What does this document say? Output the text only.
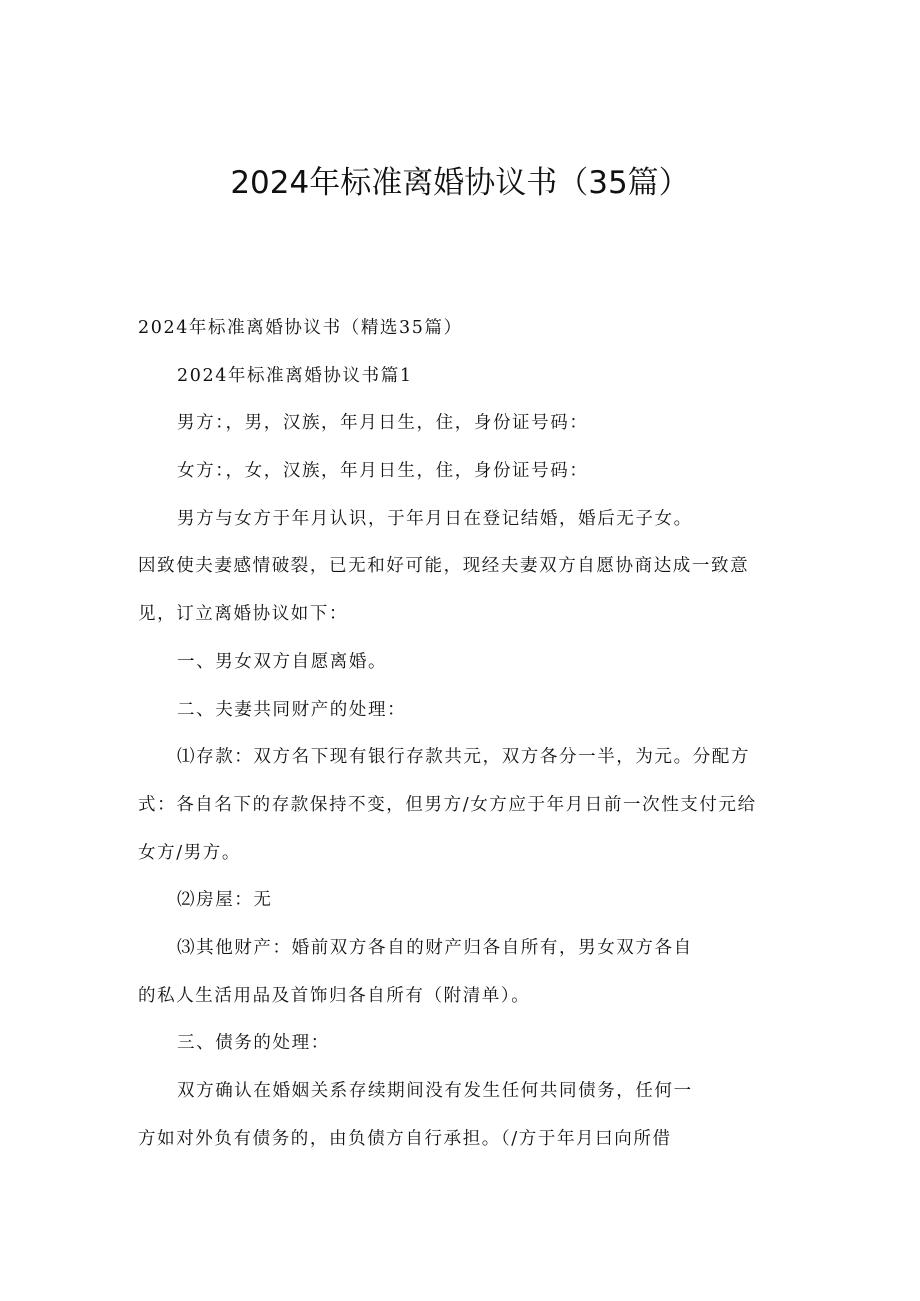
2024年标准离婚协议书（35篇）
2024年标准离婚协议书（精选35篇）
2024年标准离婚协议书篇1
男方：，男，汉族，年月日生，住，身份证号码：
女方：，女，汉族，年月日生，住，身份证号码：
男方与女方于年月认识，于年月日在登记结婚，婚后无子女。
因致使夫妻感情破裂，已无和好可能，现经夫妻双方自愿协商达成一致意
见，订立离婚协议如下：
一、男女双方自愿离婚。
二、夫妻共同财产的处理：
⑴存款：双方名下现有银行存款共元，双方各分一半，为元。分配方
式：各自名下的存款保持不变，但男方/女方应于年月日前一次性支付元给
女方/男方。
⑵房屋：无
⑶其他财产：婚前双方各自的财产归各自所有，男女双方各自
的私人生活用品及首饰归各自所有（附清单）。
三、债务的处理：
双方确认在婚姻关系存续期间没有发生任何共同债务，任何一
方如对外负有债务的，由负债方自行承担。（/方于年月曰向所借
